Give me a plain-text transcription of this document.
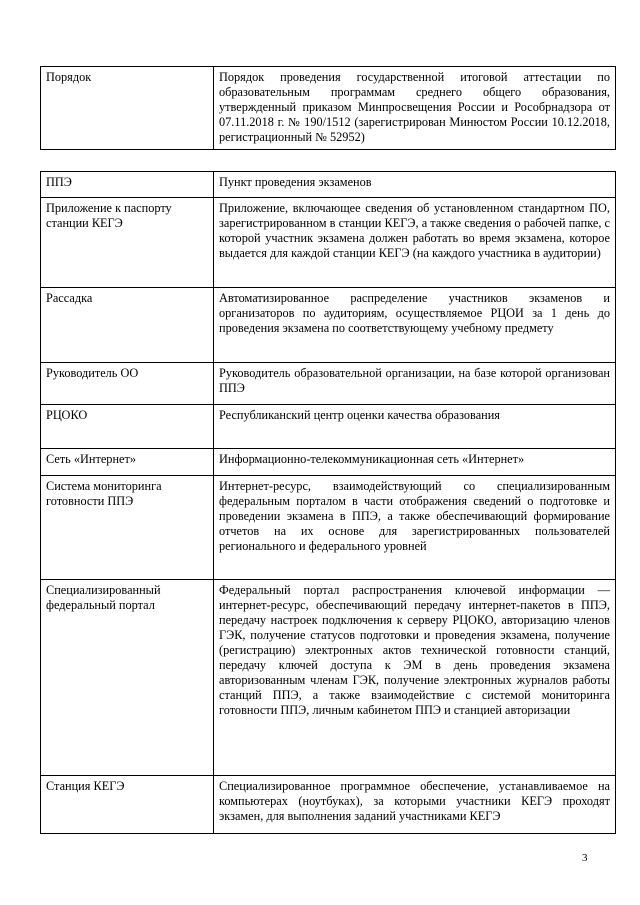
Порядок	Порядок проведения государственной итоговой аттестации по образовательным программам среднего общего образования, утвержденный приказом Минпросвещения России и Рособрнадзора от 07.11.2018 г. № 190/1512 (зарегистрирован Минюстом России 10.12.2018, регистрационный № 52952)
ППЭ	Пункт проведения экзаменов
Приложение к паспорту станции КЕГЭ	Приложение, включающее сведения об установленном стандартном ПО, зарегистрированном в станции КЕГЭ, а также сведения о рабочей папке, с которой участник экзамена должен работать во время экзамена, которое выдается для каждой станции КЕГЭ (на каждого участника в аудитории)
Рассадка	Автоматизированное распределение участников экзаменов и организаторов по аудиториям, осуществляемое РЦОИ за 1 день до проведения экзамена по соответствующему учебному предмету
Руководитель ОО	Руководитель образовательной организации, на базе которой организован ППЭ
РЦОКО	Республиканский центр оценки качества образования
Сеть «Интернет»	Информационно-телекоммуникационная сеть «Интернет»
Система мониторинга готовности ППЭ	Интернет-ресурс, взаимодействующий со специализированным федеральным порталом в части отображения сведений о подготовке и проведении экзамена в ППЭ, а также обеспечивающий формирование отчетов на их основе для зарегистрированных пользователей регионального и федерального уровней
Специализированный федеральный портал	Федеральный портал распространения ключевой информации — интернет-ресурс, обеспечивающий передачу интернет-пакетов в ППЭ, передачу настроек подключения к серверу РЦОКО, авторизацию членов ГЭК, получение статусов подготовки и проведения экзамена, получение (регистрацию) электронных актов технической готовности станций, передачу ключей доступа к ЭМ в день проведения экзамена авторизованным членам ГЭК, получение электронных журналов работы станций ППЭ, а также взаимодействие с системой мониторинга готовности ППЭ, личным кабинетом ППЭ и станцией авторизации
Станция КЕГЭ	Специализированное программное обеспечение, устанавливаемое на компьютерах (ноутбуках), за которыми участники КЕГЭ проходят экзамен, для выполнения заданий участниками КЕГЭ
3
